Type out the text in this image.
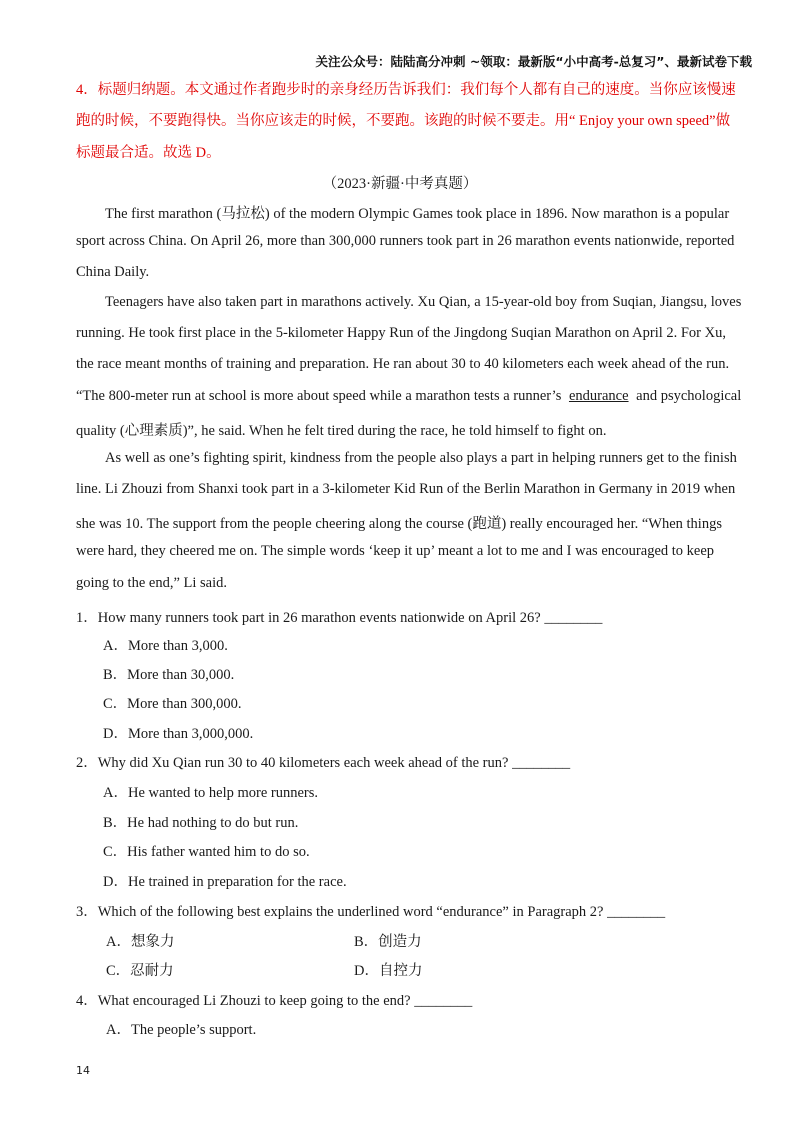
关注公众号：陆陆高分冲刺 ~领取：最新版“小中高考-总复习”、最新试卷下载
4．标题归纳题。本文通过作者跑步时的亲身经历告诉我们：我们每个人都有自己的速度。当你应该慢速
跑的时候，不要跑得快。当你应该走的时候，不要跑。该跑的时候不要走。用“ Enjoy your own speed”做
标题最合适。故选 D。
（2023·新疆·中考真题）
The first marathon (马拉松) of the modern Olympic Games took place in 1896. Now marathon is a popular
sport across China. On April 26, more than 300,000 runners took part in 26 marathon events nationwide, reported
China Daily.
Teenagers have also taken part in marathons actively. Xu Qian, a 15-year-old boy from Suqian, Jiangsu, loves
running. He took first place in the 5-kilometer Happy Run of the Jingdong Suqian Marathon on April 2. For Xu,
the race meant months of training and preparation. He ran about 30 to 40 kilometers each week ahead of the run.
“The 800-meter run at school is more about speed while a marathon tests a runner’s endurance and psychological
quality (心理素质)”, he said. When he felt tired during the race, he told himself to fight on.
As well as one’s fighting spirit, kindness from the people also plays a part in helping runners get to the finish
line. Li Zhouzi from Shanxi took part in a 3-kilometer Kid Run of the Berlin Marathon in Germany in 2019 when
she was 10. The support from the people cheering along the course (跑道) really encouraged her. “When things
were hard, they cheered me on. The simple words ‘keep it up’ meant a lot to me and I was encouraged to keep
going to the end,” Li said.
1．How many runners took part in 26 marathon events nationwide on April 26? ________
A．More than 3,000.
B．More than 30,000.
C．More than 300,000.
D．More than 3,000,000.
2．Why did Xu Qian run 30 to 40 kilometers each week ahead of the run? ________
A．He wanted to help more runners.
B．He had nothing to do but run.
C．His father wanted him to do so.
D．He trained in preparation for the race.
3．Which of the following best explains the underlined word “endurance” in Paragraph 2? ________
A．想象力	B．创造力
C．忍耐力	D．自控力
4．What encouraged Li Zhouzi to keep going to the end? ________
A．The people’s support.
14
